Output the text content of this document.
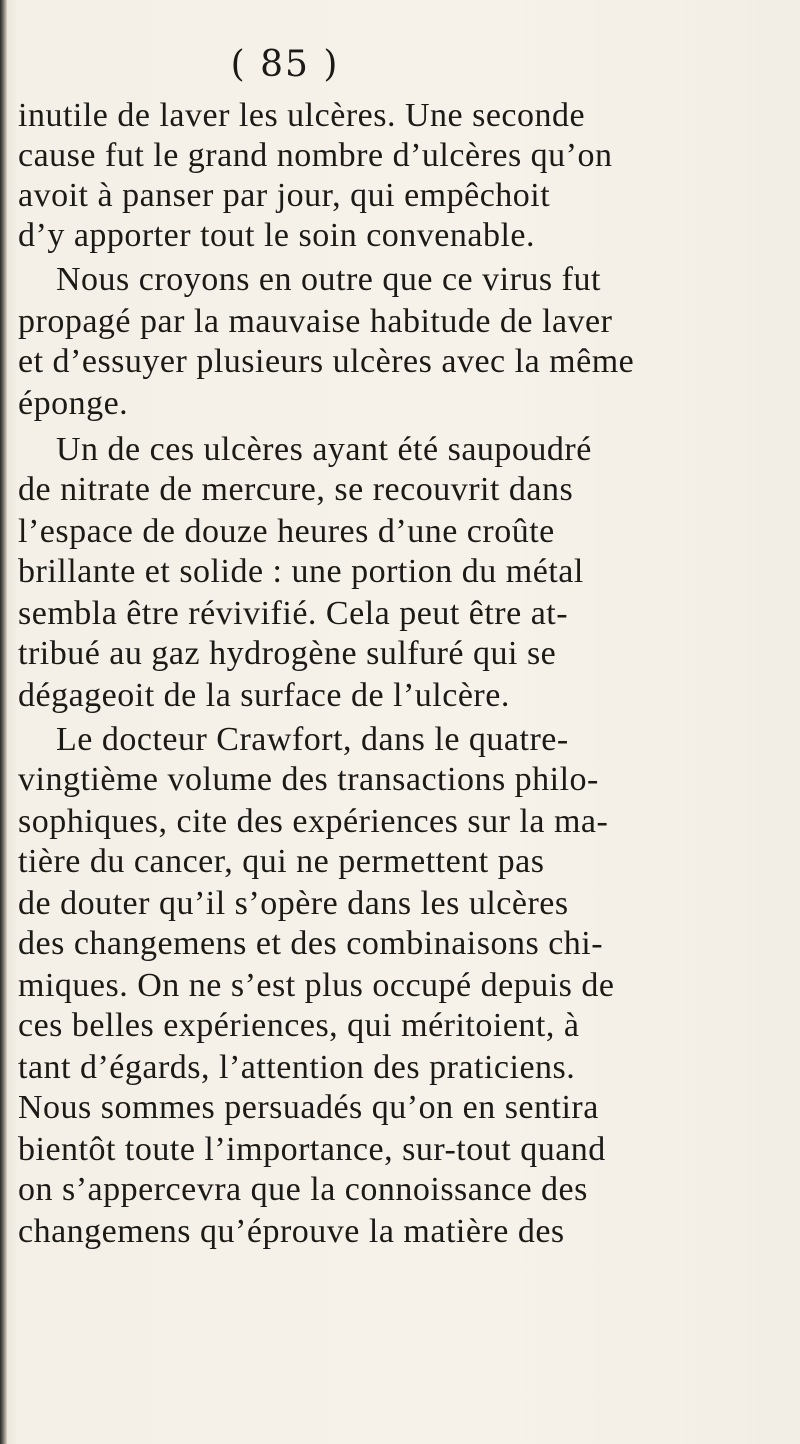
( 85 )
inutile de laver les ulcères. Une seconde
cause fut le grand nombre d’ulcères qu’on
avoit à panser par jour, qui empêchoit
d’y apporter tout le soin convenable.
Nous croyons en outre que ce virus fut
propagé par la mauvaise habitude de laver
et d’essuyer plusieurs ulcères avec la même
éponge.
Un de ces ulcères ayant été saupoudré
de nitrate de mercure, se recouvrit dans
l’espace de douze heures d’une croûte
brillante et solide : une portion du métal
sembla être révivifié. Cela peut être at-
tribué au gaz hydrogène sulfuré qui se
dégageoit de la surface de l’ulcère.
Le docteur Crawfort, dans le quatre-
vingtième volume des transactions philo-
sophiques, cite des expériences sur la ma-
tière du cancer, qui ne permettent pas
de douter qu’il s’opère dans les ulcères
des changemens et des combinaisons chi-
miques. On ne s’est plus occupé depuis de
ces belles expériences, qui méritoient, à
tant d’égards, l’attention des praticiens.
Nous sommes persuadés qu’on en sentira
bientôt toute l’importance, sur-tout quand
on s’appercevra que la connoissance des
changemens qu’éprouve la matière des
